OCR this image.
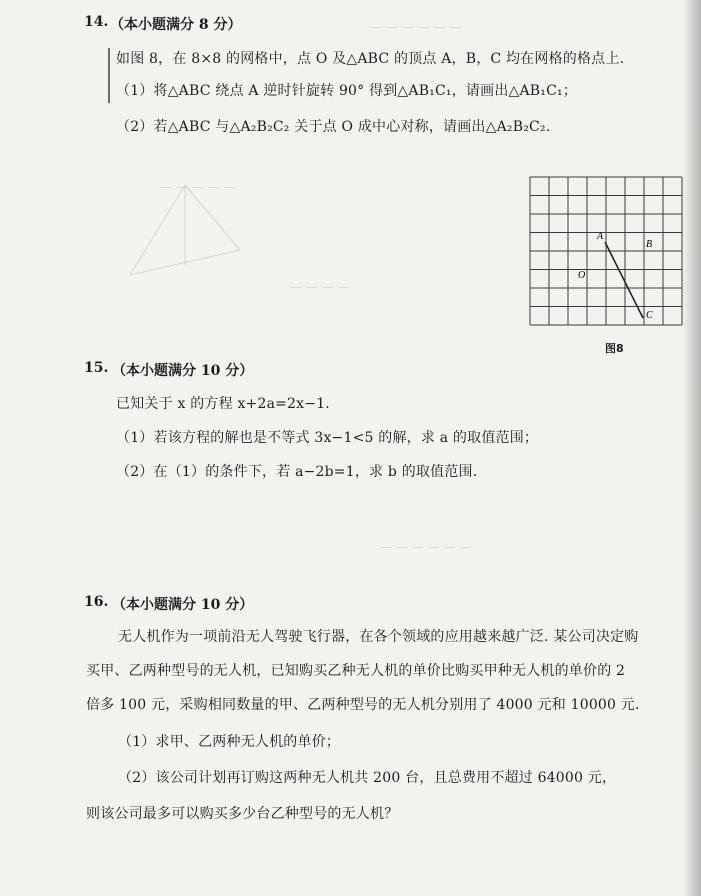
— — — — — —
— — — — —
— — — —
— — — — — —
14. （本小题满分 8 分）
如图 8，在 8×8 的网格中，点 O 及△ABC 的顶点 A，B，C 均在网格的格点上.
（1）将△ABC 绕点 A 逆时针旋转 90° 得到△AB₁C₁，请画出△AB₁C₁；
（2）若△ABC 与△A₂B₂C₂ 关于点 O 成中心对称，请画出△A₂B₂C₂.
A
B
O
C
图8
15. （本小题满分 10 分）
已知关于 x 的方程 x+2a=2x−1.
（1）若该方程的解也是不等式 3x−1<5 的解，求 a 的取值范围；
（2）在（1）的条件下，若 a−2b=1，求 b 的取值范围.
16. （本小题满分 10 分）
无人机作为一项前沿无人驾驶飞行器，在各个领域的应用越来越广泛. 某公司决定购
买甲、乙两种型号的无人机，已知购买乙种无人机的单价比购买甲种无人机的单价的 2
倍多 100 元，采购相同数量的甲、乙两种型号的无人机分别用了 4000 元和 10000 元.
（1）求甲、乙两种无人机的单价；
（2）该公司计划再订购这两种无人机共 200 台，且总费用不超过 64000 元，
则该公司最多可以购买多少台乙种型号的无人机？
